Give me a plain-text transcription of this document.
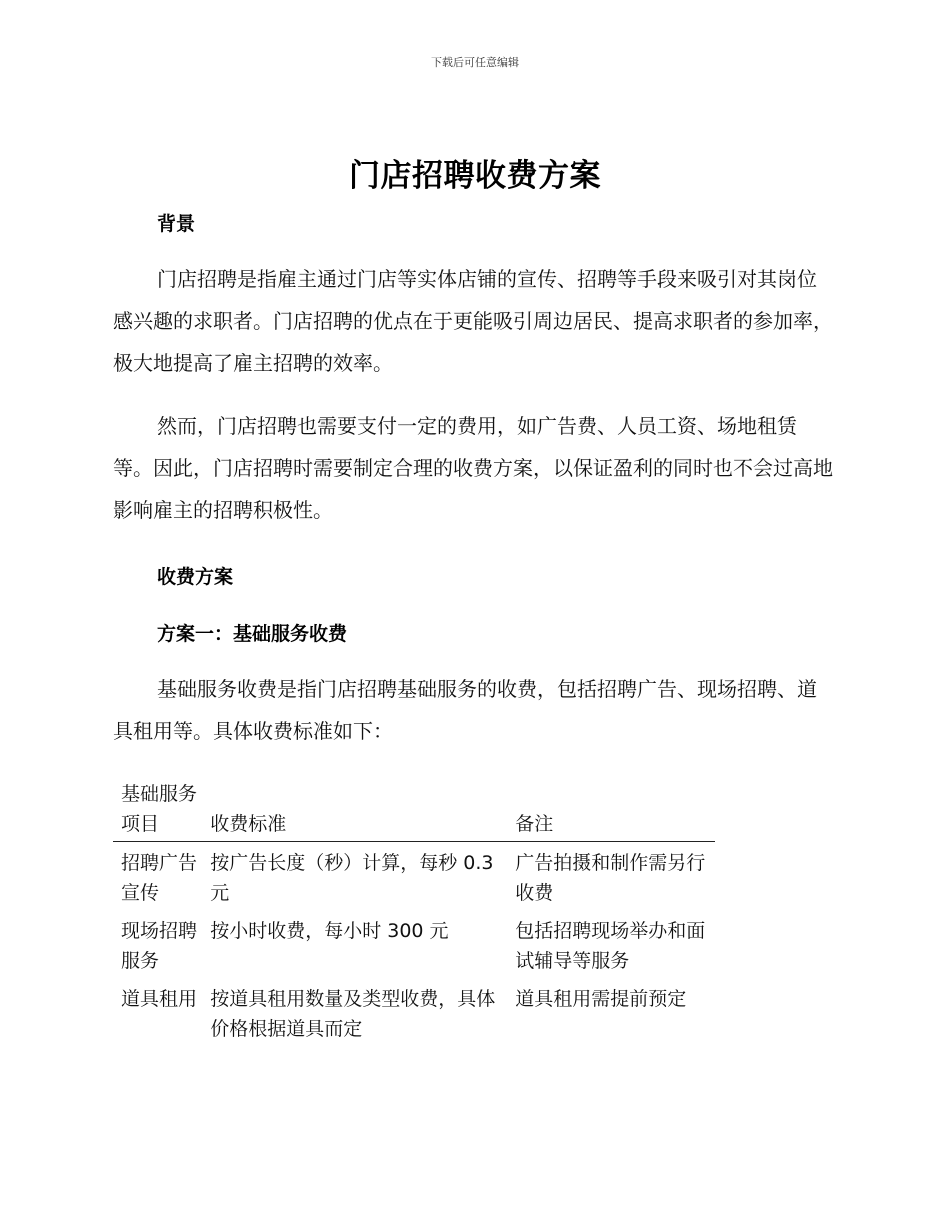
下载后可任意编辑
门店招聘收费方案
背景

门店招聘是指雇主通过门店等实体店铺的宣传、招聘等手段来吸引对其岗位感兴趣的求职者。门店招聘的优点在于更能吸引周边居民、提高求职者的参加率，极大地提高了雇主招聘的效率。

然而，门店招聘也需要支付一定的费用，如广告费、人员工资、场地租赁等。因此，门店招聘时需要制定合理的收费方案，以保证盈利的同时也不会过高地影响雇主的招聘积极性。

收费方案
方案一：基础服务收费

基础服务收费是指门店招聘基础服务的收费，包括招聘广告、现场招聘、道具租用等。具体收费标准如下：

基础服务项目	收费标准	备注
招聘广告宣传	按广告长度（秒）计算，每秒 0.3 元	广告拍摄和制作需另行收费
现场招聘服务	按小时收费，每小时 300 元	包括招聘现场举办和面试辅导等服务
道具租用	按道具租用数量及类型收费，具体价格根据道具而定	道具租用需提前预定
